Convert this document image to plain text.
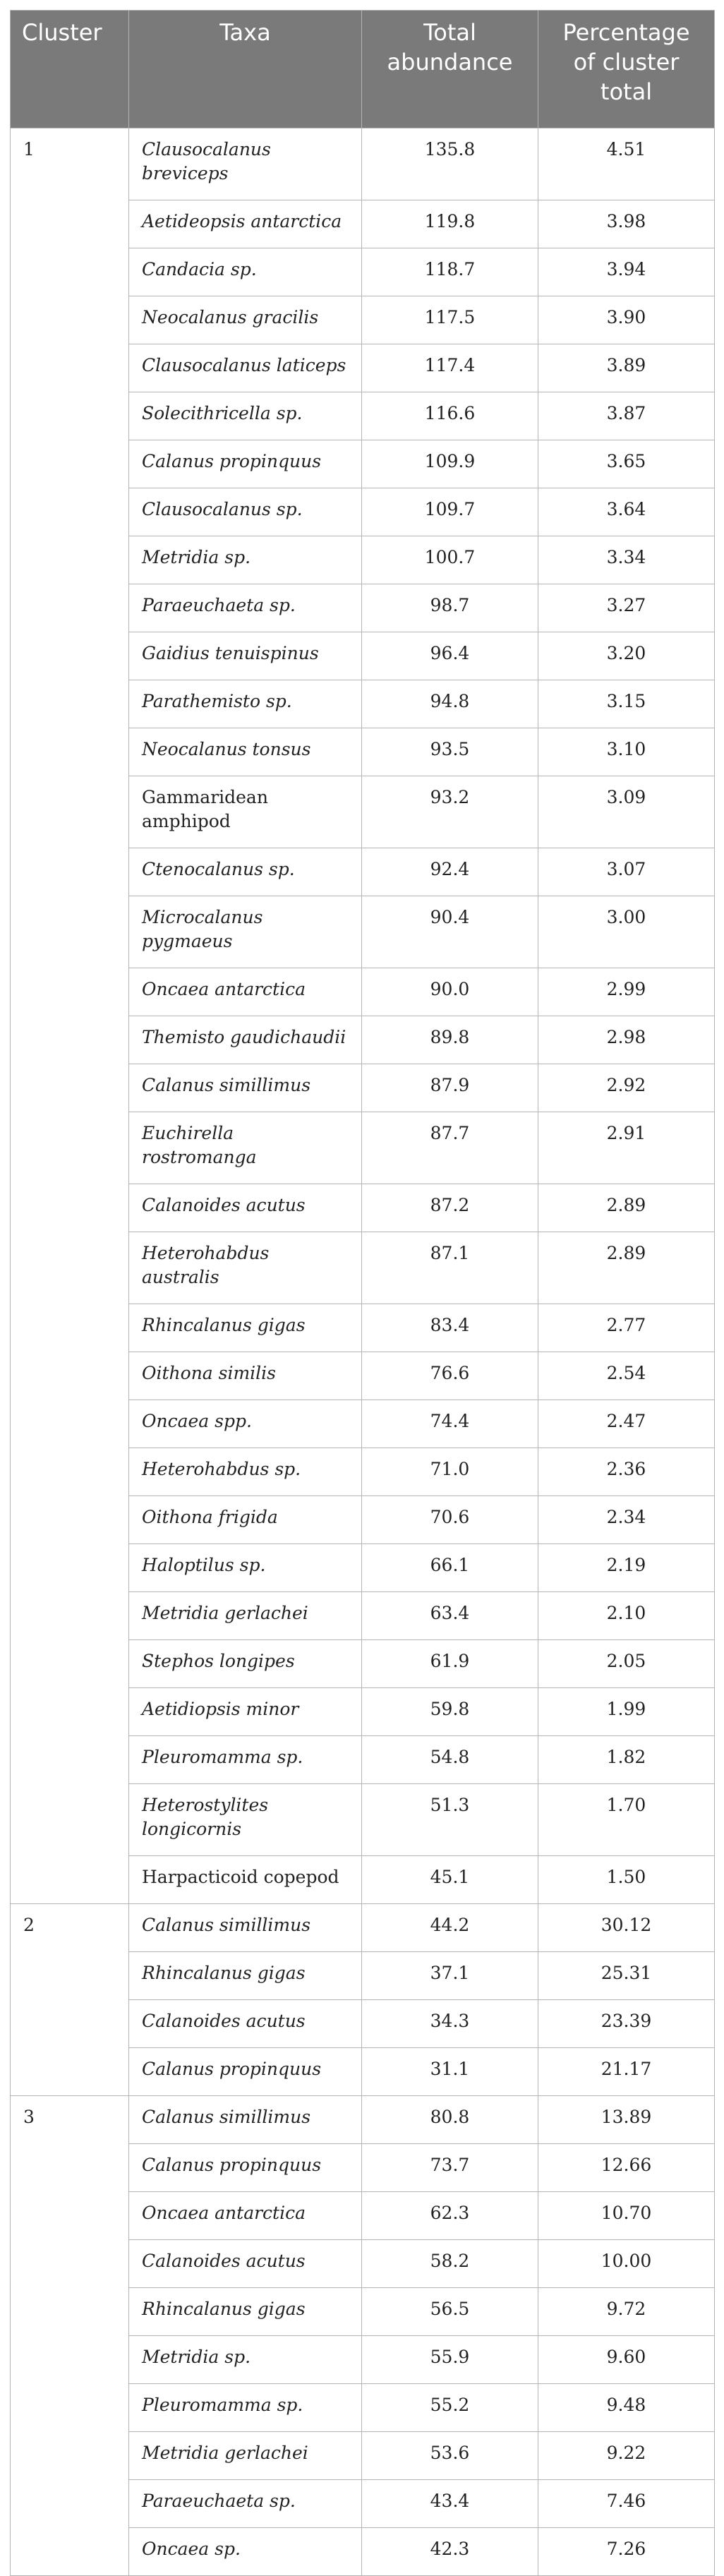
Cluster	Taxa	Total abundance	Percentage of cluster total
1	Clausocalanus breviceps	135.8	4.51
	Aetideopsis antarctica	119.8	3.98
	Candacia sp.	118.7	3.94
	Neocalanus gracilis	117.5	3.90
	Clausocalanus laticeps	117.4	3.89
	Solecithricella sp.	116.6	3.87
	Calanus propinquus	109.9	3.65
	Clausocalanus sp.	109.7	3.64
	Metridia sp.	100.7	3.34
	Paraeuchaeta sp.	98.7	3.27
	Gaidius tenuispinus	96.4	3.20
	Parathemisto sp.	94.8	3.15
	Neocalanus tonsus	93.5	3.10
	Gammaridean amphipod	93.2	3.09
	Ctenocalanus sp.	92.4	3.07
	Microcalanus pygmaeus	90.4	3.00
	Oncaea antarctica	90.0	2.99
	Themisto gaudichaudii	89.8	2.98
	Calanus simillimus	87.9	2.92
	Euchirella rostromanga	87.7	2.91
	Calanoides acutus	87.2	2.89
	Heterohabdus australis	87.1	2.89
	Rhincalanus gigas	83.4	2.77
	Oithona similis	76.6	2.54
	Oncaea spp.	74.4	2.47
	Heterohabdus sp.	71.0	2.36
	Oithona frigida	70.6	2.34
	Haloptilus sp.	66.1	2.19
	Metridia gerlachei	63.4	2.10
	Stephos longipes	61.9	2.05
	Aetidiopsis minor	59.8	1.99
	Pleuromamma sp.	54.8	1.82
	Heterostylites longicornis	51.3	1.70
	Harpacticoid copepod	45.1	1.50
2	Calanus simillimus	44.2	30.12
	Rhincalanus gigas	37.1	25.31
	Calanoides acutus	34.3	23.39
	Calanus propinquus	31.1	21.17
3	Calanus simillimus	80.8	13.89
	Calanus propinquus	73.7	12.66
	Oncaea antarctica	62.3	10.70
	Calanoides acutus	58.2	10.00
	Rhincalanus gigas	56.5	9.72
	Metridia sp.	55.9	9.60
	Pleuromamma sp.	55.2	9.48
	Metridia gerlachei	53.6	9.22
	Paraeuchaeta sp.	43.4	7.46
	Oncaea sp.	42.3	7.26
